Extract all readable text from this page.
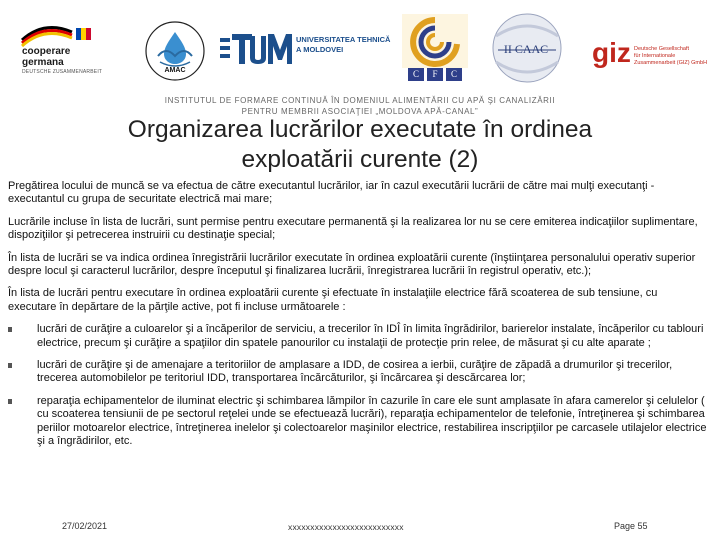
cooperare germana
DEUTSCHE ZUSAMMENARBEIT	AMAC
UNIVERSITATEA TEHNICĂ
A MOLDOVEI
C	F	C
II CAAC giz Deutsche Gesellschaft
für Internationale
Zusammenarbeit (GIZ) GmbH
INSTITUTUL DE FORMARE CONTINUĂ ÎN DOMENIUL ALIMENTĂRII CU APĂ ŞI CANALIZĂRII
PENTRU MEMBRII ASOCIAŢIEI „MOLDOVA APĂ-CANAL”
Organizarea lucrărilor executate în ordinea
exploatării curente (2)

Pregătirea locului de muncă se va efectua de către executantul lucrărilor, iar în cazul executării lucrării de către mai mulţi executanţi - executantul cu grupa de securitate electrică mai mare;

Lucrările incluse în lista de lucrări, sunt permise pentru executare permanentă şi la realizarea lor nu se cere emiterea indicaţiilor suplimentare, dispoziţiilor şi petrecerea instruirii cu destinaţie special;

În lista de lucrări se va indica ordinea înregistrării lucrărilor executate în ordinea exploatării curente (înştiinţarea personalului operativ superior despre locul şi caracterul lucrărilor, despre începutul şi finalizarea lucrării, înregistrarea lucrării în registrul operativ, etc.);

În lista de lucrări pentru executare în ordinea exploatării curente şi efectuate în instalaţiile electrice fără scoaterea de sub tensiune, cu executare în depărtare de la părţile active, pot fi incluse următoarele :

lucrări de curăţire a culoarelor şi a încăperilor de serviciu, a trecerilor în IDÎ în limita îngrădirilor, barierelor instalate, încăperilor cu tablouri electrice, precum şi curăţire a spaţiilor din spatele panourilor cu instalaţii de protecţie prin relee, de măsurat şi cu alte aparate ;
lucrări de curăţire şi de amenajare a teritoriilor de amplasare a IDD, de cosirea a ierbii, curăţire de zăpadă a drumurilor şi trecerilor, trecerea automobilelor pe teritoriul IDD, transportarea încărcăturilor, şi încărcarea şi descărcarea lor;
reparaţia echipamentelor de iluminat electric şi schimbarea lămpilor în cazurile în care ele sunt amplasate în afara camerelor şi celulelor ( cu scoaterea tensiunii de pe sectorul reţelei unde se efectuează lucrări), reparaţia echipamentelor de telefonie, întreţinerea şi schimbarea periilor motoarelor electrice, întreţinerea inelelor şi colectoarelor maşinilor electrice, restabilirea inscripţiilor pe carcasele utilajelor electrice şi a îngrădirilor, etc.
27/02/2021	xxxxxxxxxxxxxxxxxxxxxxxxxx	Page 55
